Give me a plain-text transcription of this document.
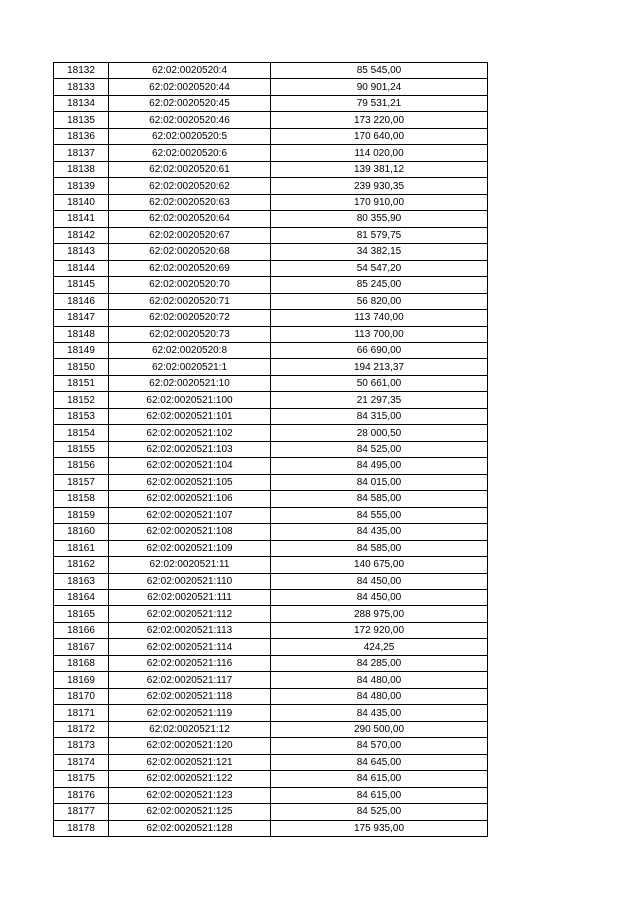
18132	62:02:0020520:4	85 545,00
18133	62:02:0020520:44	90 901,24
18134	62:02:0020520:45	79 531,21
18135	62:02:0020520:46	173 220,00
18136	62:02:0020520:5	170 640,00
18137	62:02:0020520:6	114 020,00
18138	62:02:0020520:61	139 381,12
18139	62:02:0020520:62	239 930,35
18140	62:02:0020520:63	170 910,00
18141	62:02:0020520:64	80 355,90
18142	62:02:0020520:67	81 579,75
18143	62:02:0020520:68	34 382,15
18144	62:02:0020520:69	54 547,20
18145	62:02:0020520:70	85 245,00
18146	62:02:0020520:71	56 820,00
18147	62:02:0020520:72	113 740,00
18148	62:02:0020520:73	113 700,00
18149	62:02:0020520:8	66 690,00
18150	62:02:0020521:1	194 213,37
18151	62:02:0020521:10	50 661,00
18152	62:02:0020521:100	21 297,35
18153	62:02:0020521:101	84 315,00
18154	62:02:0020521:102	28 000,50
18155	62:02:0020521:103	84 525,00
18156	62:02:0020521:104	84 495,00
18157	62:02:0020521:105	84 015,00
18158	62:02:0020521:106	84 585,00
18159	62:02:0020521:107	84 555,00
18160	62:02:0020521:108	84 435,00
18161	62:02:0020521:109	84 585,00
18162	62:02:0020521:11	140 675,00
18163	62:02:0020521:110	84 450,00
18164	62:02:0020521:111	84 450,00
18165	62:02:0020521:112	288 975,00
18166	62:02:0020521:113	172 920,00
18167	62:02:0020521:114	424,25
18168	62:02:0020521:116	84 285,00
18169	62:02:0020521:117	84 480,00
18170	62:02:0020521:118	84 480,00
18171	62:02:0020521:119	84 435,00
18172	62:02:0020521:12	290 500,00
18173	62:02:0020521:120	84 570,00
18174	62:02:0020521:121	84 645,00
18175	62:02:0020521:122	84 615,00
18176	62:02:0020521:123	84 615,00
18177	62:02:0020521:125	84 525,00
18178	62:02:0020521:128	175 935,00
